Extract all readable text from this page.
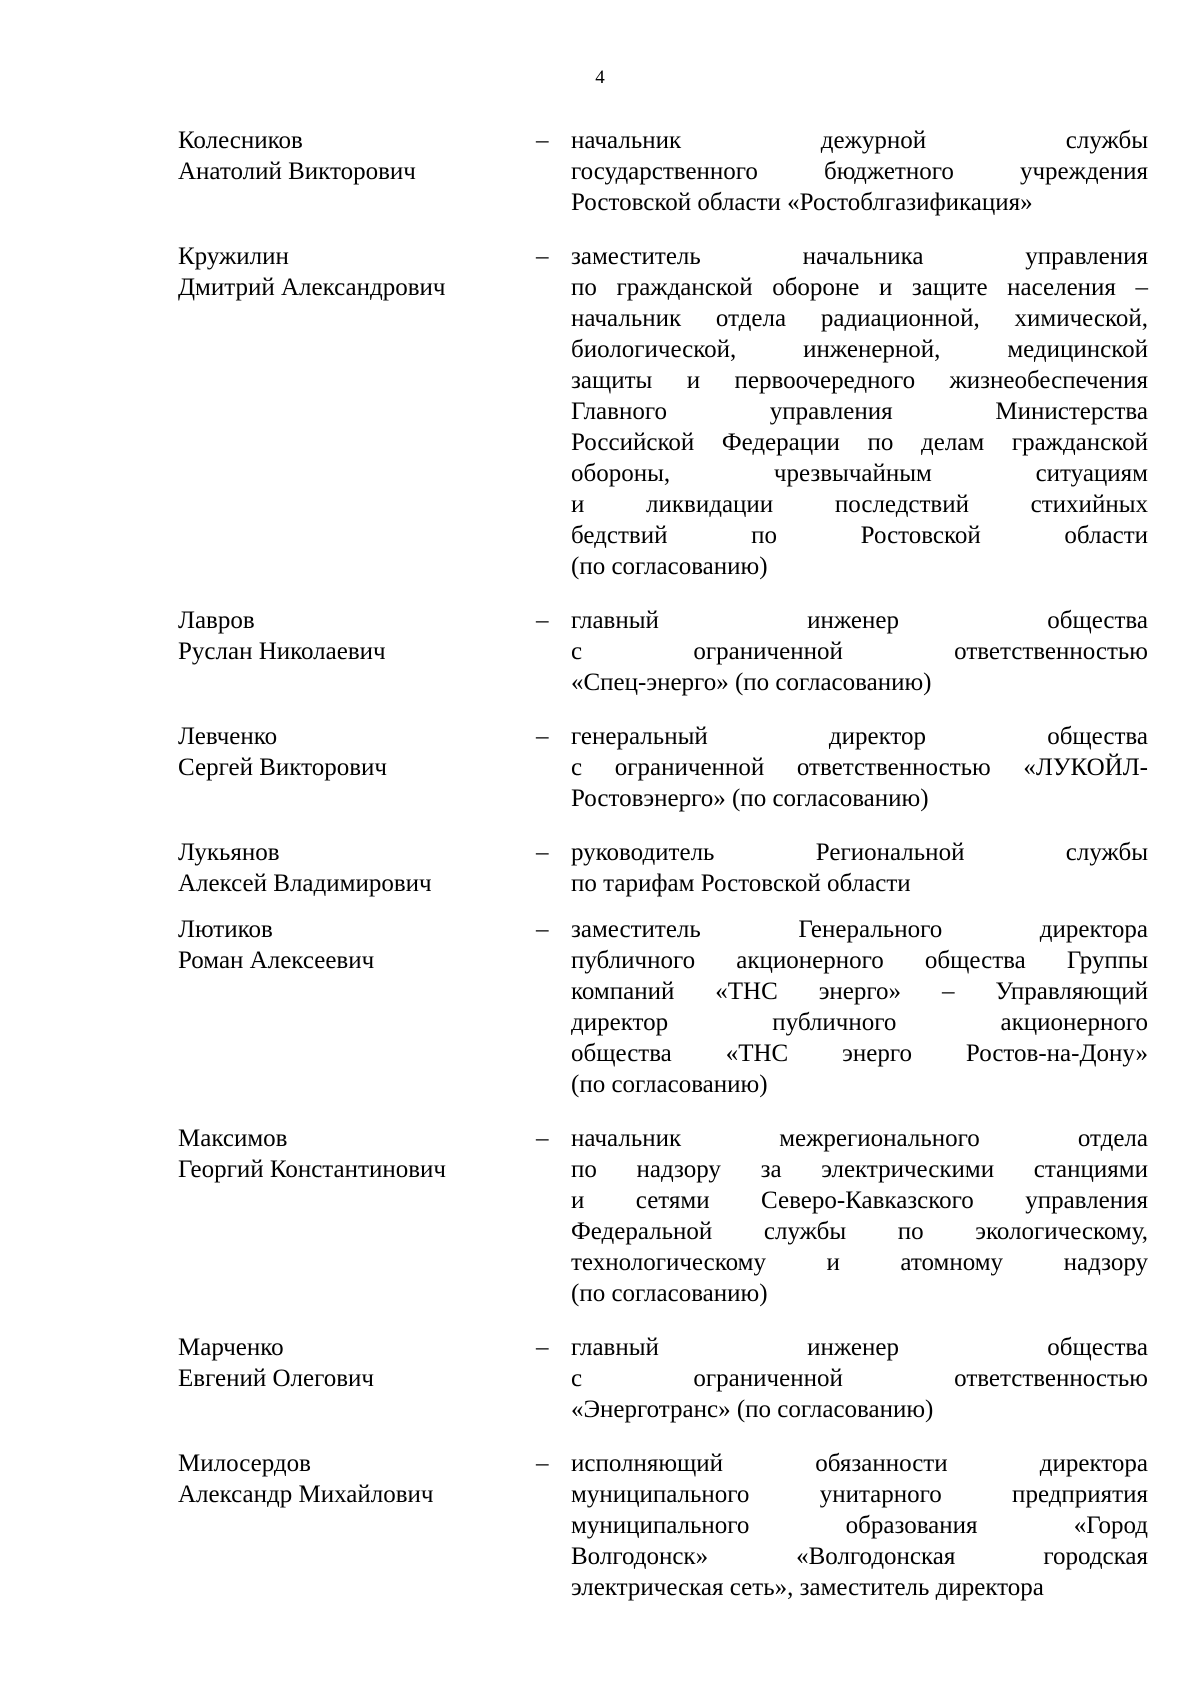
4
Колесников
Анатолий Викторович
– начальник дежурной службы
государственного бюджетного учреждения
Ростовской области «Ростоблгазификация»
Кружилин
Дмитрий Александрович
– заместитель начальника управления
по гражданской обороне и защите населения –
начальник отдела радиационной, химической,
биологической, инженерной, медицинской
защиты и первоочередного жизнеобеспечения
Главного управления Министерства
Российской Федерации по делам гражданской
обороны, чрезвычайным ситуациям
и ликвидации последствий стихийных
бедствий по Ростовской области
(по согласованию)
Лавров
Руслан Николаевич
– главный инженер общества
с ограниченной ответственностью
«Спец-энерго» (по согласованию)
Левченко
Сергей Викторович
– генеральный директор общества
с ограниченной ответственностью «ЛУКОЙЛ-
Ростовэнерго» (по согласованию)
Лукьянов
Алексей Владимирович
– руководитель Региональной службы
по тарифам Ростовской области
Лютиков
Роман Алексеевич
– заместитель Генерального директора
публичного акционерного общества Группы
компаний «ТНС энерго» – Управляющий
директор публичного акционерного
общества «ТНС энерго Ростов-на-Дону»
(по согласованию)
Максимов
Георгий Константинович
– начальник межрегионального отдела
по надзору за электрическими станциями
и сетями Северо-Кавказского управления
Федеральной службы по экологическому,
технологическому и атомному надзору
(по согласованию)
Марченко
Евгений Олегович
– главный инженер общества
с ограниченной ответственностью
«Энерготранс» (по согласованию)
Милосердов
Александр Михайлович
– исполняющий обязанности директора
муниципального унитарного предприятия
муниципального образования «Город
Волгодонск» «Волгодонская городская
электрическая сеть», заместитель директора
